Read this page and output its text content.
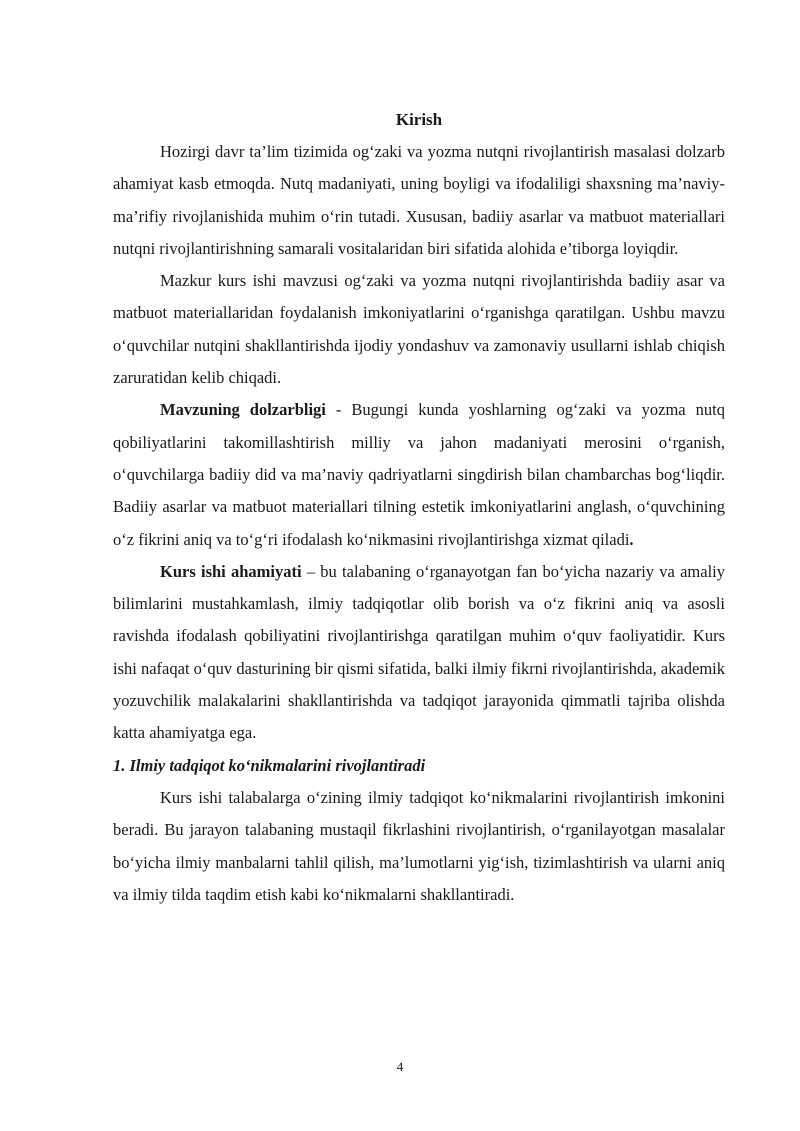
Kirish

Hozirgi davr ta’lim tizimida og‘zaki va yozma nutqni rivojlantirish masalasi dolzarb ahamiyat kasb etmoqda. Nutq madaniyati, uning boyligi va ifodaliligi shaxsning ma’naviy-ma’rifiy rivojlanishida muhim o‘rin tutadi. Xususan, badiiy asarlar va matbuot materiallari nutqni rivojlantirishning samarali vositalaridan biri sifatida alohida e’tiborga loyiqdir.

Mazkur kurs ishi mavzusi og‘zaki va yozma nutqni rivojlantirishda badiiy asar va matbuot materiallaridan foydalanish imkoniyatlarini o‘rganishga qaratilgan. Ushbu mavzu o‘quvchilar nutqini shakllantirishda ijodiy yondashuv va zamonaviy usullarni ishlab chiqish zaruratidan kelib chiqadi.

Mavzuning dolzarbligi - Bugungi kunda yoshlarning og‘zaki va yozma nutq qobiliyatlarini takomillashtirish milliy va jahon madaniyati merosini o‘rganish, o‘quvchilarga badiiy did va ma’naviy qadriyatlarni singdirish bilan chambarchas bog‘liqdir. Badiiy asarlar va matbuot materiallari tilning estetik imkoniyatlarini anglash, o‘quvchining o‘z fikrini aniq va to‘g‘ri ifodalash ko‘nikmasini rivojlantirishga xizmat qiladi.

Kurs ishi ahamiyati – bu talabaning o‘rganayotgan fan bo‘yicha nazariy va amaliy bilimlarini mustahkamlash, ilmiy tadqiqotlar olib borish va o‘z fikrini aniq va asosli ravishda ifodalash qobiliyatini rivojlantirishga qaratilgan muhim o‘quv faoliyatidir. Kurs ishi nafaqat o‘quv dasturining bir qismi sifatida, balki ilmiy fikrni rivojlantirishda, akademik yozuvchilik malakalarini shakllantirishda va tadqiqot jarayonida qimmatli tajriba olishda katta ahamiyatga ega.

1. Ilmiy tadqiqot ko‘nikmalarini rivojlantiradi

Kurs ishi talabalarga o‘zining ilmiy tadqiqot ko‘nikmalarini rivojlantirish imkonini beradi. Bu jarayon talabaning mustaqil fikrlashini rivojlantirish, o‘rganilayotgan masalalar bo‘yicha ilmiy manbalarni tahlil qilish, ma’lumotlarni yig‘ish, tizimlashtirish va ularni aniq va ilmiy tilda taqdim etish kabi ko‘nikmalarni shakllantiradi.

4
